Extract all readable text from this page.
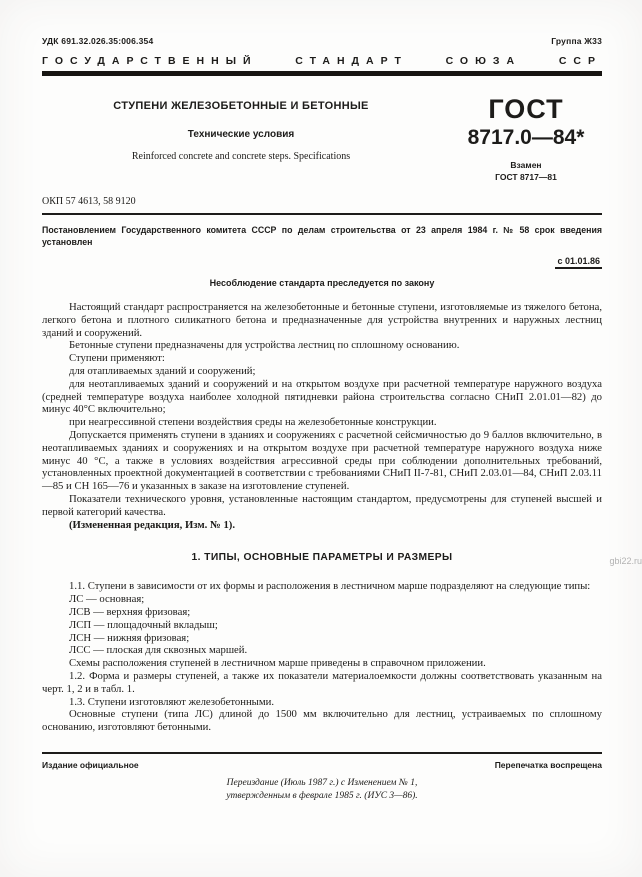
УДК 691.32.026.35:006.354	Группа Ж33
ГОСУДАРСТВЕННЫЙ СТАНДАРТ СОЮЗА ССР
СТУПЕНИ ЖЕЛЕЗОБЕТОННЫЕ И БЕТОННЫЕ
Технические условия
Reinforced concrete and concrete steps. Specifications
ГОСТ
8717.0—84*
Взамен
ГОСТ 8717—81
ОКП 57 4613, 58 9120
Постановлением Государственного комитета СССР по делам строительства от 23 апреля 1984 г. № 58 срок введения установлен
с 01.01.86
Несоблюдение стандарта преследуется по закону

Настоящий стандарт распространяется на железобетонные и бетонные ступени, изготовляемые из тяжелого бетона, легкого бетона и плотного силикатного бетона и предназначенные для устройства внутренних и наружных лестниц зданий и сооружений.

Бетонные ступени предназначены для устройства лестниц по сплошному основанию.

Ступени применяют:

для отапливаемых зданий и сооружений;

для неотапливаемых зданий и сооружений и на открытом воздухе при расчетной температуре наружного воздуха (средней температуре воздуха наиболее холодной пятидневки района строительства согласно СНиП 2.01.01—82) до минус 40°С включительно;

при неагрессивной степени воздействия среды на железобетонные конструкции.

Допускается применять ступени в зданиях и сооружениях с расчетной сейсмичностью до 9 баллов включительно, в неотапливаемых зданиях и сооружениях и на открытом воздухе при расчетной температуре наружного воздуха ниже минус 40 °С, а также в условиях воздействия агрессивной среды при соблюдении дополнительных требований, установленных проектной документацией в соответствии с требованиями СНиП II-7-81, СНиП 2.03.01—84, СНиП 2.03.11—85 и СН 165—76 и указанных в заказе на изготовление ступеней.

Показатели технического уровня, установленные настоящим стандартом, предусмотрены для ступеней высшей и первой категорий качества.

(Измененная редакция, Изм. № 1).

1. ТИПЫ, ОСНОВНЫЕ ПАРАМЕТРЫ И РАЗМЕРЫ

1.1. Ступени в зависимости от их формы и расположения в лестничном марше подразделяют на следующие типы:

ЛС — основная;

ЛСВ — верхняя фризовая;

ЛСП — площадочный вкладыш;

ЛСН — нижняя фризовая;

ЛСС — плоская для сквозных маршей.

Схемы расположения ступеней в лестничном марше приведены в справочном приложении.

1.2. Форма и размеры ступеней, а также их показатели материалоемкости должны соответствовать указанным на черт. 1, 2 и в табл. 1.

1.3. Ступени изготовляют железобетонными.

Основные ступени (типа ЛС) длиной до 1500 мм включительно для лестниц, устраиваемых по сплошному основанию, изготовляют бетонными.

Издание официальное	Перепечатка воспрещена
Переиздание (Июль 1987 г.) с Изменением № 1,
утвержденным в феврале 1985 г. (ИУС 3—86).
gbi22.ru
